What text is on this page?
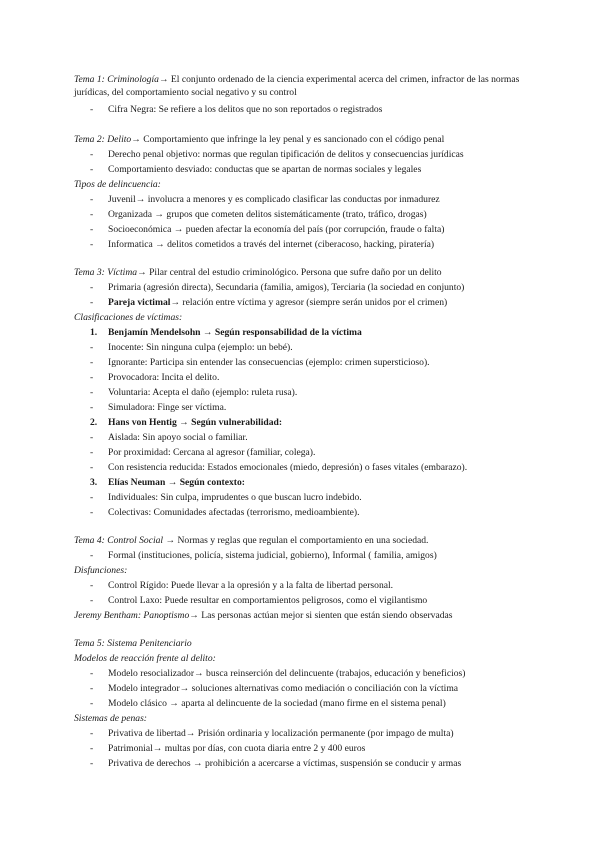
Tema 1: Criminología→ El conjunto ordenado de la ciencia experimental acerca del crimen, infractor de las normas jurídicas, del comportamiento social negativo y su control
- Cifra Negra: Se refiere a los delitos que no son reportados o registrados
Tema 2: Delito→ Comportamiento que infringe la ley penal y es sancionado con el código penal
- Derecho penal objetivo: normas que regulan tipificación de delitos y consecuencias jurídicas
- Comportamiento desviado: conductas que se apartan de normas sociales y legales
Tipos de delincuencia:
- Juvenil→ involucra a menores y es complicado clasificar las conductas por inmadurez
- Organizada → grupos que cometen delitos sistemáticamente (trato, tráfico, drogas)
- Socioeconómica → pueden afectar la economía del país (por corrupción, fraude o falta)
- Informatica → delitos cometidos a través del internet (ciberacoso, hacking, piratería)
Tema 3: Víctima→ Pilar central del estudio criminológico. Persona que sufre daño por un delito
- Primaria (agresión directa), Secundaria (familia, amigos), Terciaria (la sociedad en conjunto)
- Pareja victimal→ relación entre víctima y agresor (siempre serán unidos por el crimen)
Clasificaciones de víctimas:
1. Benjamín Mendelsohn → Según responsabilidad de la víctima
- Inocente: Sin ninguna culpa (ejemplo: un bebé).
- Ignorante: Participa sin entender las consecuencias (ejemplo: crimen supersticioso).
- Provocadora: Incita el delito.
- Voluntaria: Acepta el daño (ejemplo: ruleta rusa).
- Simuladora: Finge ser víctima.
2. Hans von Hentig → Según vulnerabilidad:
- Aislada: Sin apoyo social o familiar.
- Por proximidad: Cercana al agresor (familiar, colega).
- Con resistencia reducida: Estados emocionales (miedo, depresión) o fases vitales (embarazo).
3. Elías Neuman → Según contexto:
- Individuales: Sin culpa, imprudentes o que buscan lucro indebido.
- Colectivas: Comunidades afectadas (terrorismo, medioambiente).
Tema 4: Control Social → Normas y reglas que regulan el comportamiento en una sociedad.
- Formal (instituciones, policía, sistema judicial, gobierno), Informal ( familia, amigos)
Disfunciones:
- Control Rígido: Puede llevar a la opresión y a la falta de libertad personal.
- Control Laxo: Puede resultar en comportamientos peligrosos, como el vigilantismo
Jeremy Bentham: Panoptismo→ Las personas actúan mejor si sienten que están siendo observadas
Tema 5: Sistema Penitenciario
Modelos de reacción frente al delito:
- Modelo resocializador→ busca reinserción del delincuente (trabajos, educación y beneficios)
- Modelo integrador→ soluciones alternativas como mediación o conciliación con la víctima
- Modelo clásico → aparta al delincuente de la sociedad (mano firme en el sistema penal)
Sistemas de penas:
- Privativa de libertad→ Prisión ordinaria y localización permanente (por impago de multa)
- Patrimonial→ multas por días, con cuota diaria entre 2 y 400 euros
- Privativa de derechos → prohibición a acercarse a víctimas, suspensión se conducir y armas
